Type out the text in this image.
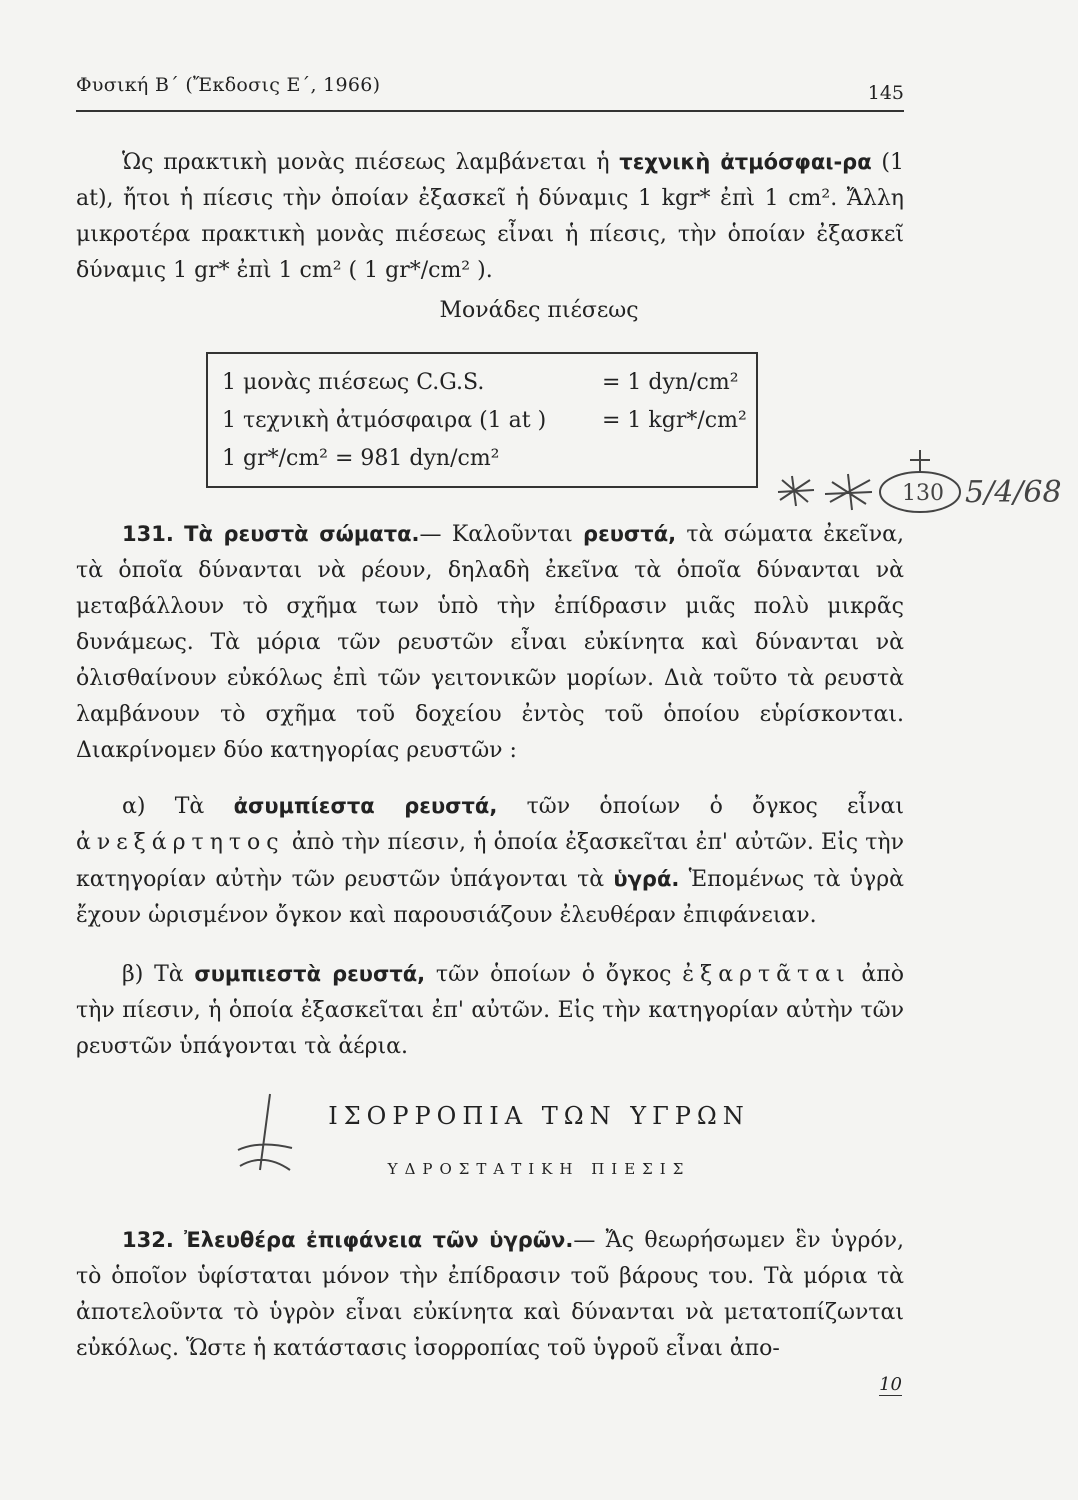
Φυσική Β΄ (Ἔκδοσις Ε΄, 1966)	145

Ὡς πρακτικὴ μονὰς πιέσεως λαμβάνεται ἡ τεχνικὴ ἀτμόσφαι-ρα (1 at), ἤτοι ἡ πίεσις τὴν ὁποίαν ἐξασκεῖ ἡ δύναμις 1 kgr* ἐπὶ 1 cm². Ἄλλη μικροτέρα πρακτικὴ μονὰς πιέσεως εἶναι ἡ πίεσις, τὴν ὁποίαν ἐξασκεῖ δύναμις 1 gr* ἐπὶ 1 cm² ( 1 gr*/cm² ).

Μονάδες πιέσεως
1 μονὰς πιέσεως C.G.S.	= 1 dyn/cm²
1 τεχνικὴ ἀτμόσφαιρα (1 at )	= 1 kgr*/cm²
1 gr*/cm² = 981 dyn/cm²
130 5/4/68

131. Τὰ ρευστὰ σώματα.— Καλοῦνται ρευστά, τὰ σώματα ἐκεῖνα, τὰ ὁποῖα δύνανται νὰ ρέουν, δηλαδὴ ἐκεῖνα τὰ ὁποῖα δύνανται νὰ μεταβάλλουν τὸ σχῆμα των ὑπὸ τὴν ἐπίδρασιν μιᾶς πολὺ μικρᾶς δυνάμεως. Τὰ μόρια τῶν ρευστῶν εἶναι εὐκίνητα καὶ δύνανται νὰ ὀλισθαίνουν εὐκόλως ἐπὶ τῶν γειτονικῶν μορίων. Διὰ τοῦτο τὰ ρευστὰ λαμβάνουν τὸ σχῆμα τοῦ δοχείου ἐντὸς τοῦ ὁποίου εὑρίσκονται. Διακρίνομεν δύο κατηγορίας ρευστῶν :

α) Τὰ ἀσυμπίεστα ρευστά, τῶν ὁποίων ὁ ὄγκος εἶναι ἀνεξάρτητος ἀπὸ τὴν πίεσιν, ἡ ὁποία ἐξασκεῖται ἐπ' αὐτῶν. Εἰς τὴν κατηγορίαν αὐτὴν τῶν ρευστῶν ὑπάγονται τὰ ὑγρά. Ἑπομένως τὰ ὑγρὰ ἔχουν ὡρισμένον ὄγκον καὶ παρουσιάζουν ἐλευθέραν ἐπιφάνειαν.

β) Τὰ συμπιεστὰ ρευστά, τῶν ὁποίων ὁ ὄγκος ἐξαρτᾶται ἀπὸ τὴν πίεσιν, ἡ ὁποία ἐξασκεῖται ἐπ' αὐτῶν. Εἰς τὴν κατηγορίαν αὐτὴν τῶν ρευστῶν ὑπάγονται τὰ ἀέρια.

ΙΣΟΡΡΟΠΙΑ ΤΩΝ ΥΓΡΩΝ
ΥΔΡΟΣΤΑΤΙΚΗ ΠΙΕΣΙΣ

132. Ἐλευθέρα ἐπιφάνεια τῶν ὑγρῶν.— Ἄς θεωρήσωμεν ἓν ὑγρόν, τὸ ὁποῖον ὑφίσταται μόνον τὴν ἐπίδρασιν τοῦ βάρους του. Τὰ μόρια τὰ ἀποτελοῦντα τὸ ὑγρὸν εἶναι εὐκίνητα καὶ δύνανται νὰ μετατοπίζωνται εὐκόλως. Ὥστε ἡ κατάστασις ἰσορροπίας τοῦ ὑγροῦ εἶναι ἀπο-

10
